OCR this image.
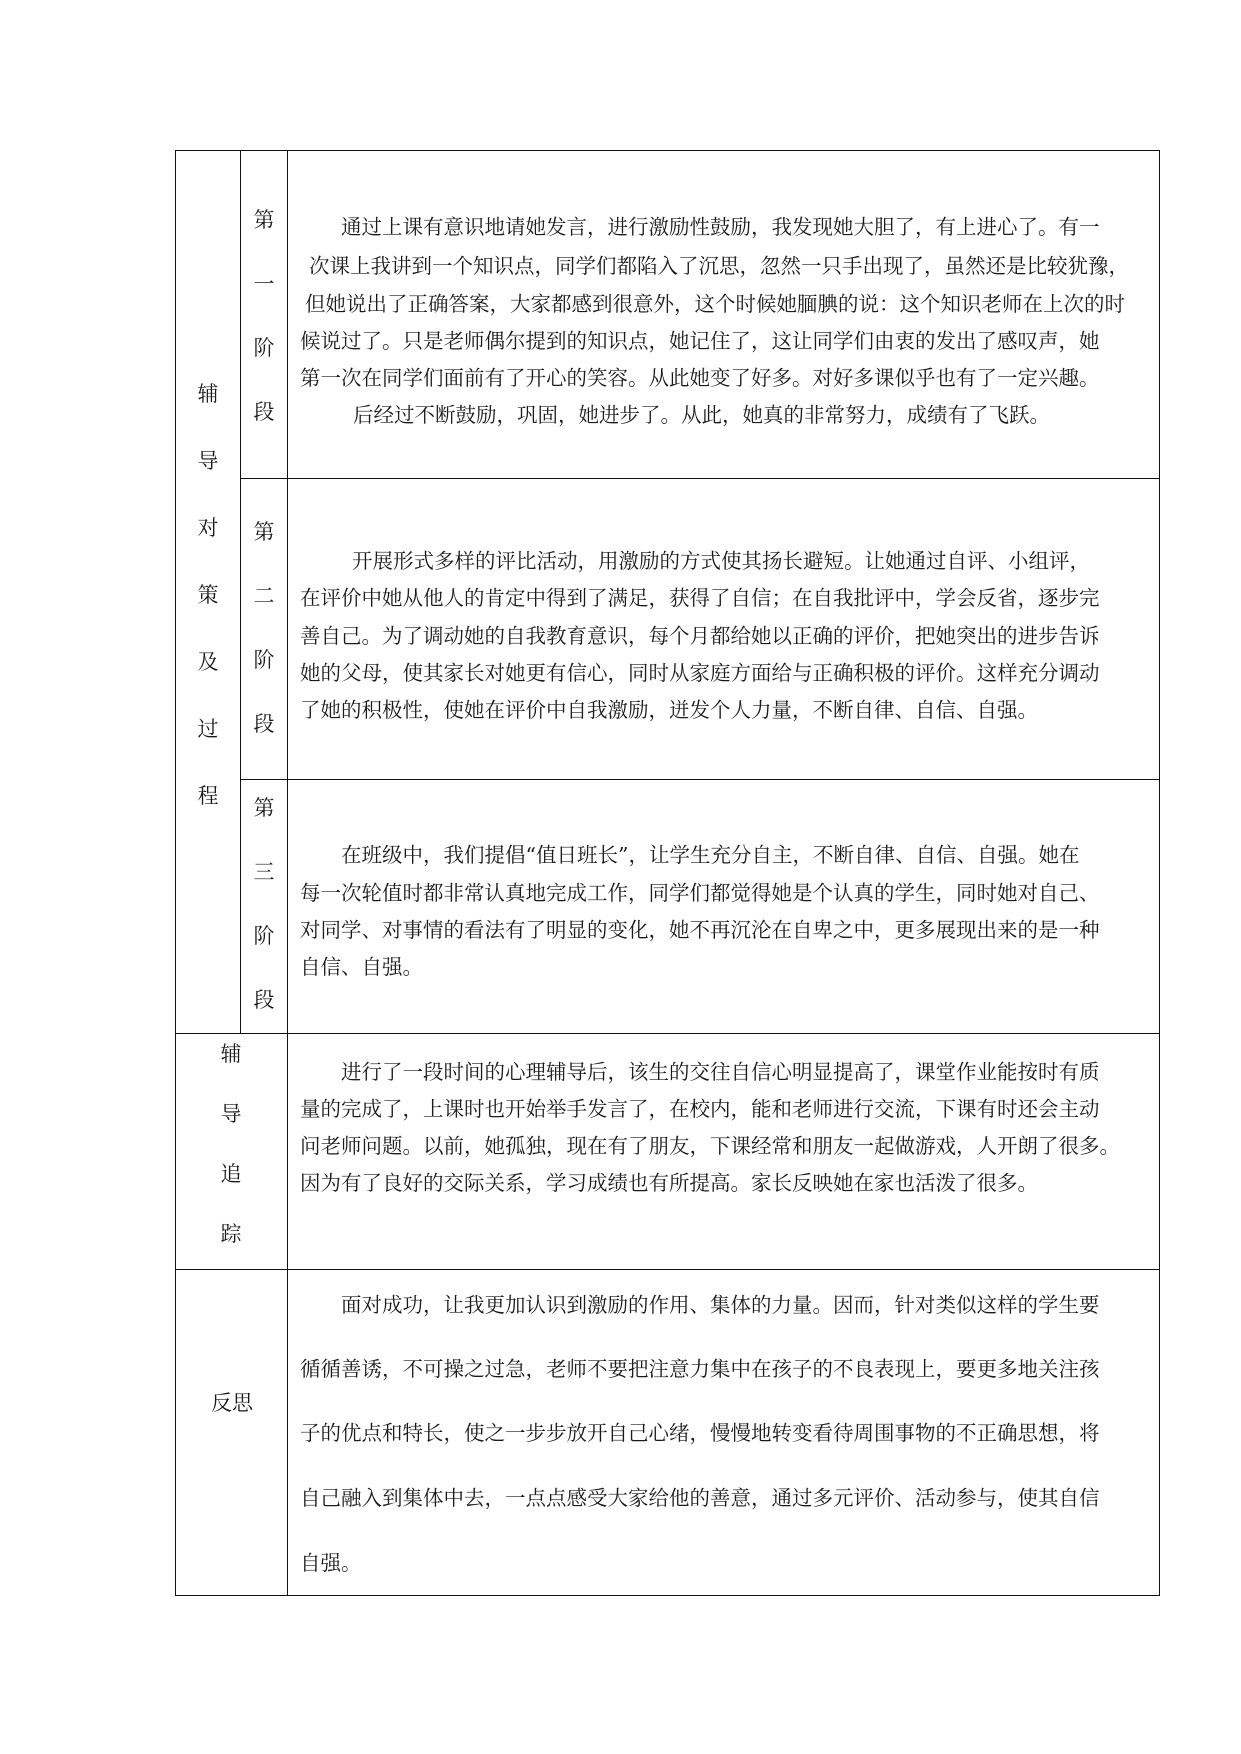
辅
导
对
策
及
过
程
第
一
阶
段
通过上课有意识地请她发言，进行激励性鼓励，我发现她大胆了，有上进心了。有一
次课上我讲到一个知识点，同学们都陷入了沉思，忽然一只手出现了，虽然还是比较犹豫，
但她说出了正确答案，大家都感到很意外，这个时候她腼腆的说：这个知识老师在上次的时
候说过了。只是老师偶尔提到的知识点，她记住了，这让同学们由衷的发出了感叹声，她
第一次在同学们面前有了开心的笑容。从此她变了好多。对好多课似乎也有了一定兴趣。
后经过不断鼓励，巩固，她进步了。从此，她真的非常努力，成绩有了飞跃。
第
二
阶
段
开展形式多样的评比活动，用激励的方式使其扬长避短。让她通过自评、小组评，
在评价中她从他人的肯定中得到了满足，获得了自信；在自我批评中，学会反省，逐步完
善自己。为了调动她的自我教育意识，每个月都给她以正确的评价，把她突出的进步告诉
她的父母，使其家长对她更有信心，同时从家庭方面给与正确积极的评价。这样充分调动
了她的积极性，使她在评价中自我激励，迸发个人力量，不断自律、自信、自强。
第
三
阶
段
在班级中，我们提倡“值日班长”，让学生充分自主，不断自律、自信、自强。她在
每一次轮值时都非常认真地完成工作，同学们都觉得她是个认真的学生，同时她对自己、
对同学、对事情的看法有了明显的变化，她不再沉沦在自卑之中，更多展现出来的是一种
自信、自强。
辅
导
追
踪
进行了一段时间的心理辅导后，该生的交往自信心明显提高了，课堂作业能按时有质
量的完成了，上课时也开始举手发言了，在校内，能和老师进行交流，下课有时还会主动
问老师问题。以前，她孤独，现在有了朋友，下课经常和朋友一起做游戏，人开朗了很多。
因为有了良好的交际关系，学习成绩也有所提高。家长反映她在家也活泼了很多。
反思
面对成功，让我更加认识到激励的作用、集体的力量。因而，针对类似这样的学生要
循循善诱，不可操之过急，老师不要把注意力集中在孩子的不良表现上，要更多地关注孩
子的优点和特长，使之一步步放开自己心绪，慢慢地转变看待周围事物的不正确思想，将
自己融入到集体中去，一点点感受大家给他的善意，通过多元评价、活动参与，使其自信
自强。
